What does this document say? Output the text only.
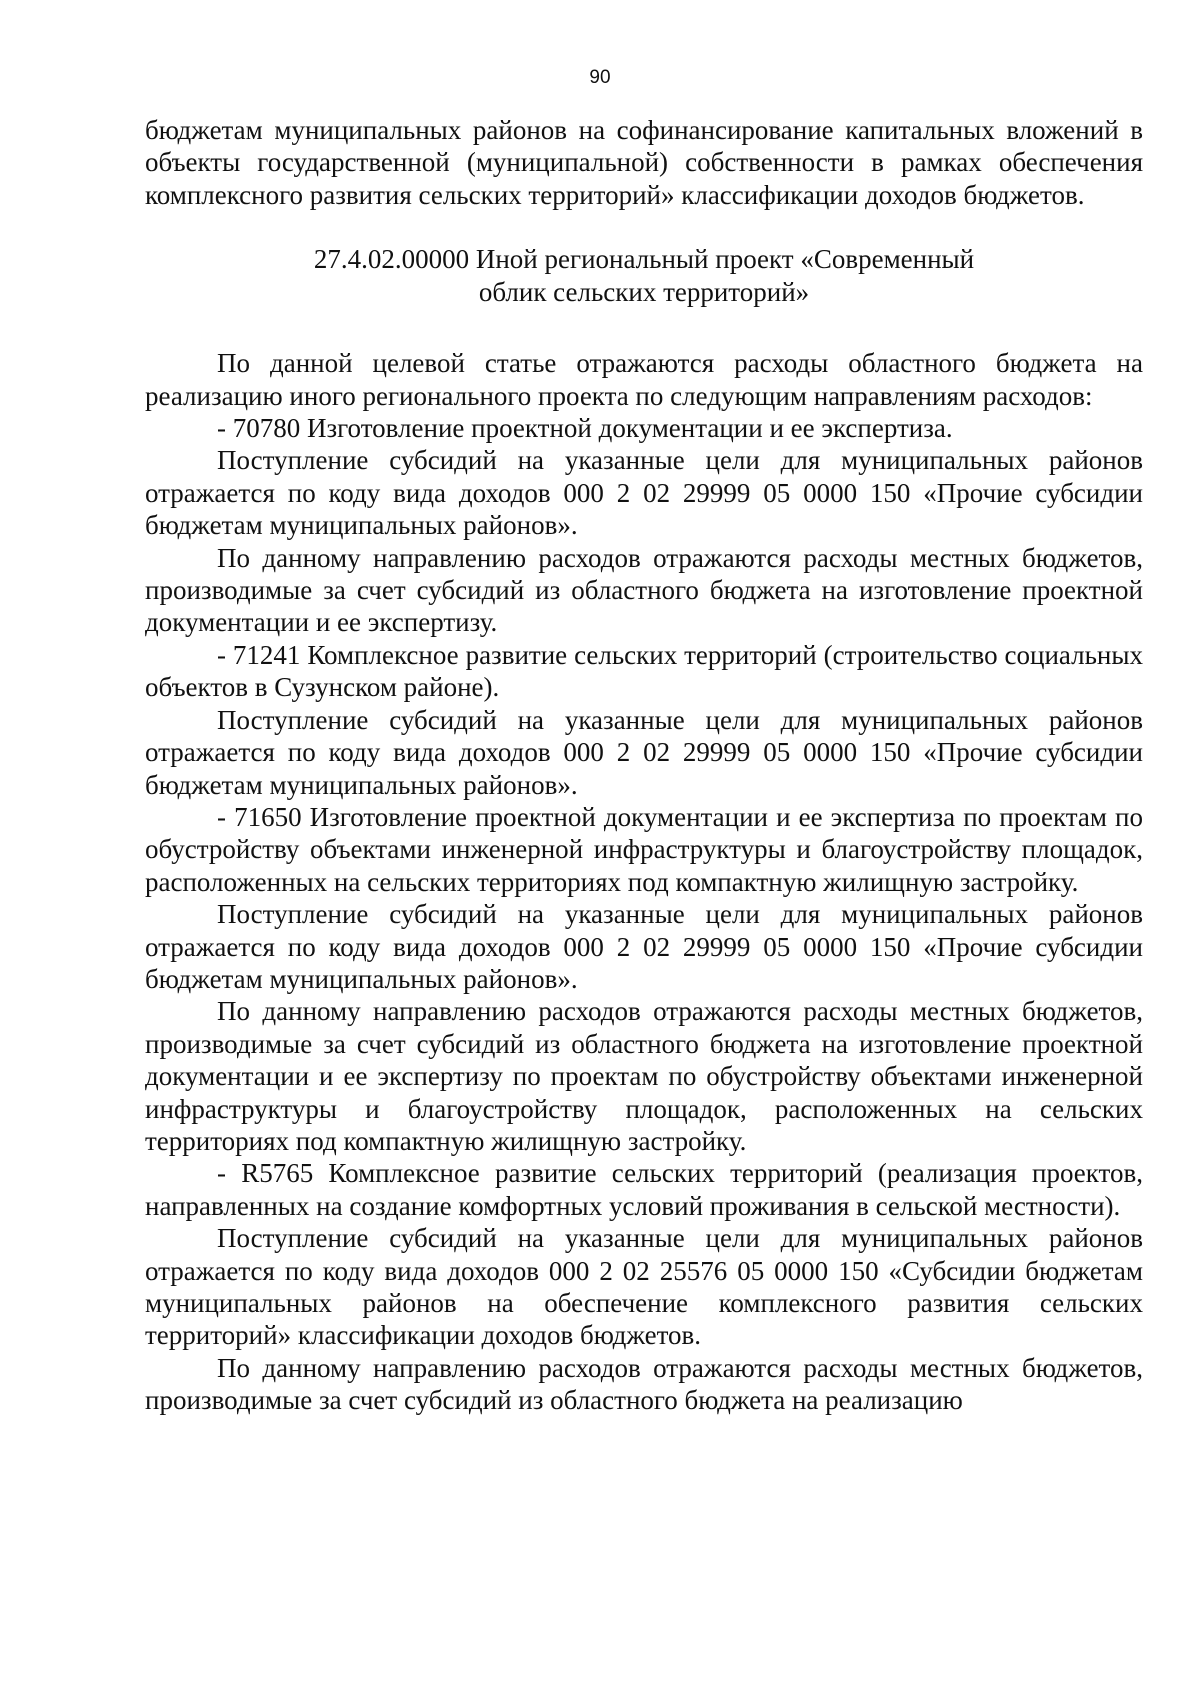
90

бюджетам муниципальных районов на софинансирование капитальных вложений в объекты государственной (муниципальной) собственности в рамках обеспечения комплексного развития сельских территорий» классификации доходов бюджетов.

27.4.02.00000 Иной региональный проект «Современный
облик сельских территорий»

По данной целевой статье отражаются расходы областного бюджета на реализацию иного регионального проекта по следующим направлениям расходов:

- 70780 Изготовление проектной документации и ее экспертиза.

Поступление субсидий на указанные цели для муниципальных районов отражается по коду вида доходов 000 2 02 29999 05 0000 150 «Прочие субсидии бюджетам муниципальных районов».

По данному направлению расходов отражаются расходы местных бюджетов, производимые за счет субсидий из областного бюджета на изготовление проектной документации и ее экспертизу.

- 71241 Комплексное развитие сельских территорий (строительство социальных объектов в Сузунском районе).

Поступление субсидий на указанные цели для муниципальных районов отражается по коду вида доходов 000 2 02 29999 05 0000 150 «Прочие субсидии бюджетам муниципальных районов».

- 71650 Изготовление проектной документации и ее экспертиза по проектам по обустройству объектами инженерной инфраструктуры и благоустройству площадок, расположенных на сельских территориях под компактную жилищную застройку.

Поступление субсидий на указанные цели для муниципальных районов отражается по коду вида доходов 000 2 02 29999 05 0000 150 «Прочие субсидии бюджетам муниципальных районов».

По данному направлению расходов отражаются расходы местных бюджетов, производимые за счет субсидий из областного бюджета на изготовление проектной документации и ее экспертизу по проектам по обустройству объектами инженерной инфраструктуры и благоустройству площадок, расположенных на сельских территориях под компактную жилищную застройку.

- R5765 Комплексное развитие сельских территорий (реализация проектов, направленных на создание комфортных условий проживания в сельской местности).

Поступление субсидий на указанные цели для муниципальных районов отражается по коду вида доходов 000 2 02 25576 05 0000 150 «Субсидии бюджетам муниципальных районов на обеспечение комплексного развития сельских территорий» классификации доходов бюджетов.

По данному направлению расходов отражаются расходы местных бюджетов, производимые за счет субсидий из областного бюджета на реализацию
